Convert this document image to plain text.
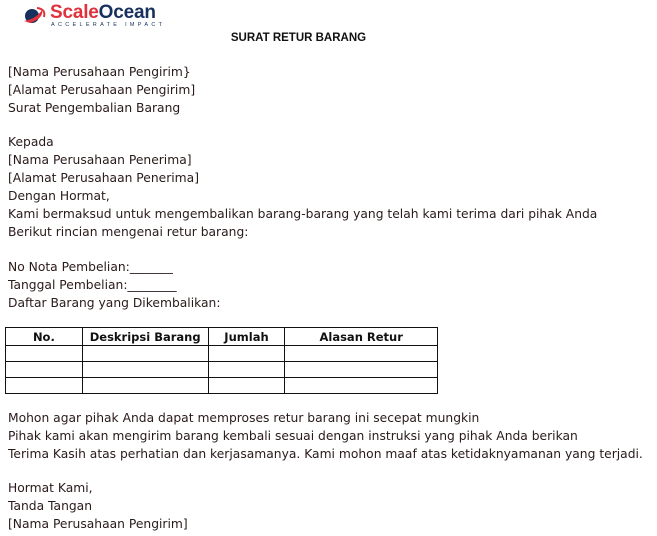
ScaleOcean
ACCELERATE IMPACT
SURAT RETUR BARANG
[Nama Perusahaan Pengirim}
[Alamat Perusahaan Pengirim]
Surat Pengembalian Barang
Kepada
[Nama Perusahaan Penerima]
[Alamat Perusahaan Penerima]
Dengan Hormat,
Kami bermaksud untuk mengembalikan barang-barang yang telah kami terima dari pihak Anda
Berikut rincian mengenai retur barang:
No Nota Pembelian:_______
Tanggal Pembelian:________
Daftar Barang yang Dikembalikan:
No.	Deskripsi Barang	Jumlah	Alasan Retur

Mohon agar pihak Anda dapat memproses retur barang ini secepat mungkin
Pihak kami akan mengirim barang kembali sesuai dengan instruksi yang pihak Anda berikan
Terima Kasih atas perhatian dan kerjasamanya. Kami mohon maaf atas ketidaknyamanan yang terjadi.
Hormat Kami,
Tanda Tangan
[Nama Perusahaan Pengirim]
